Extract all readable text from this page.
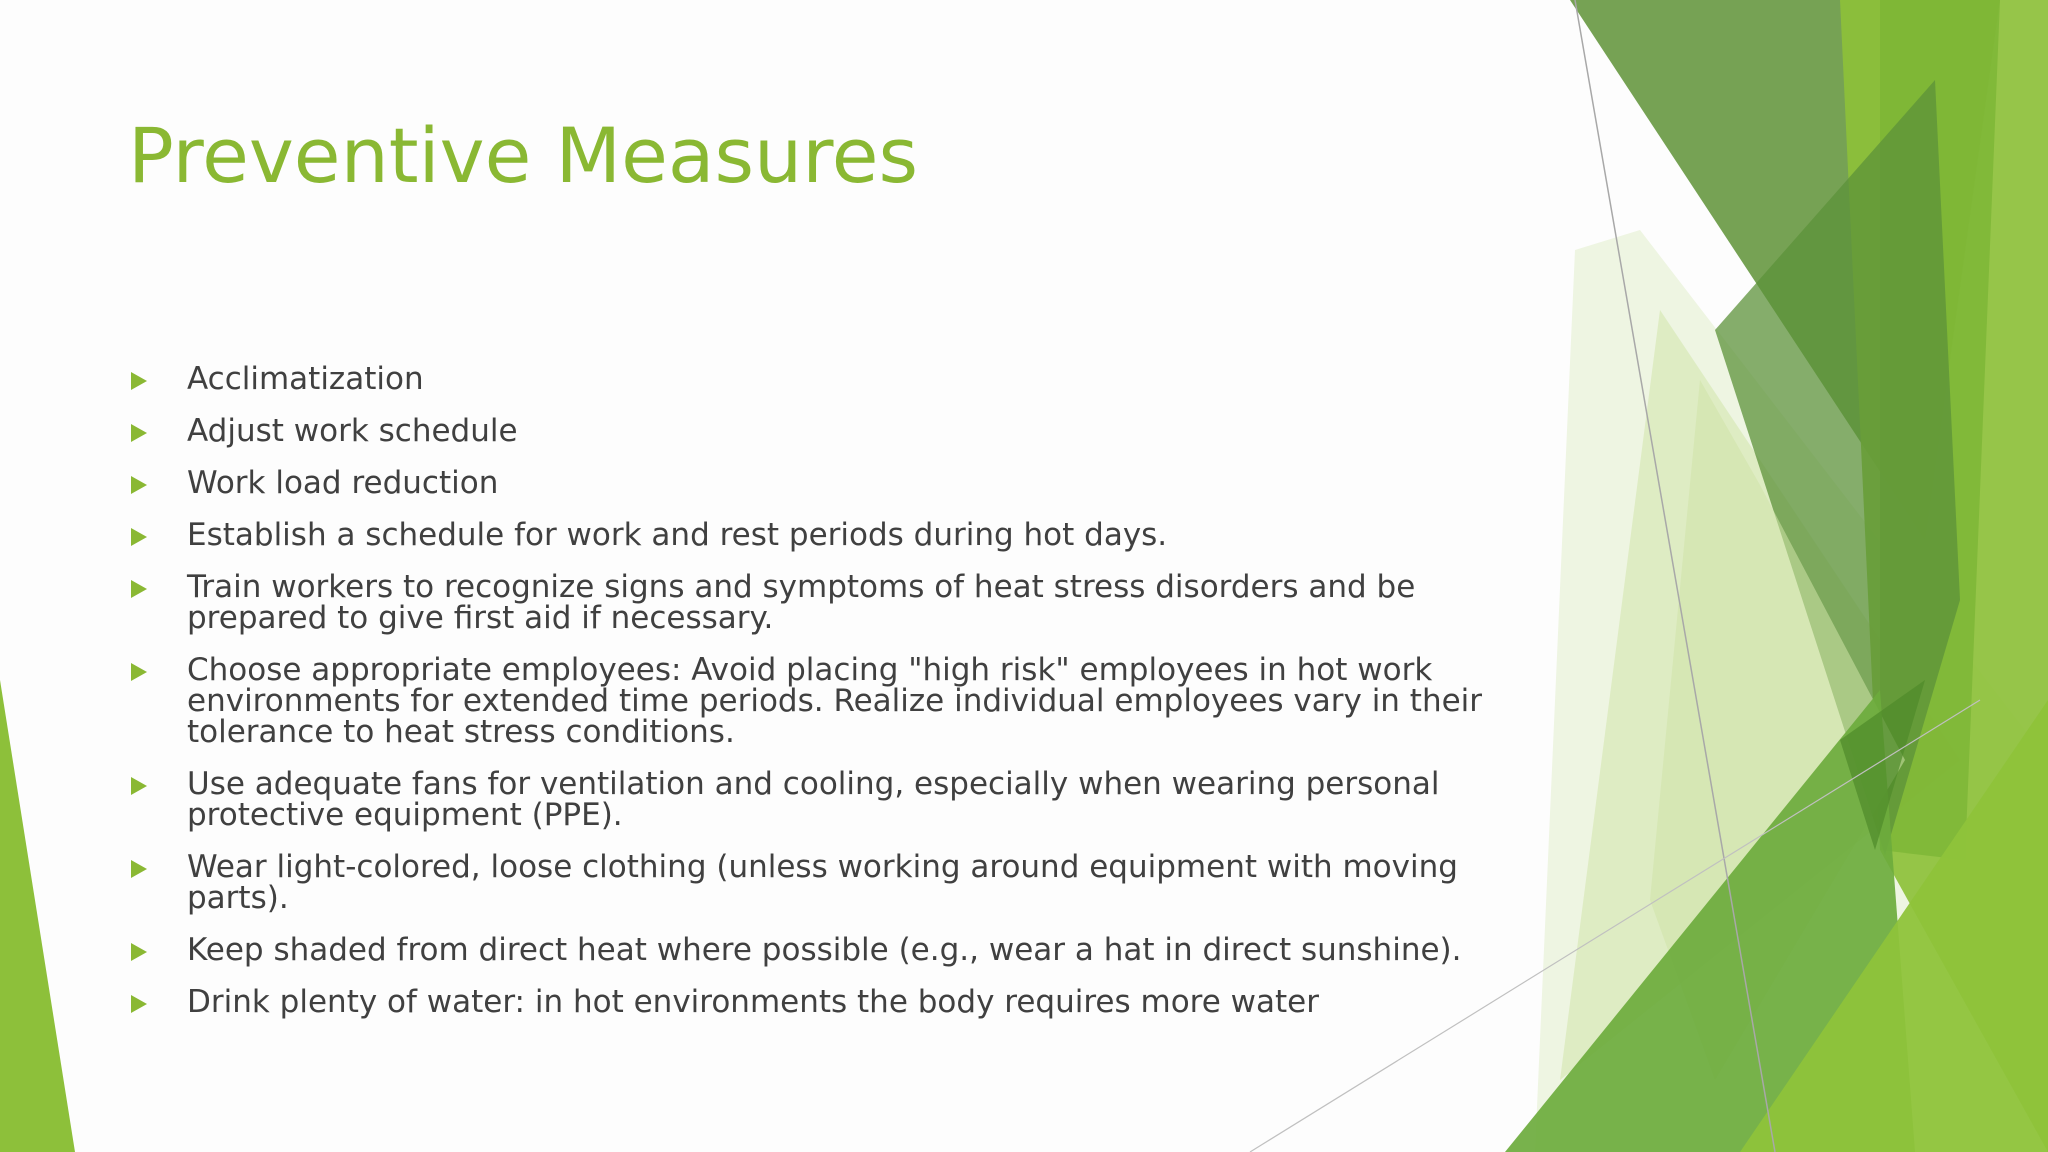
Preventive Measures
Acclimatization
Adjust work schedule
Work load reduction
Establish a schedule for work and rest periods during hot days.
Train workers to recognize signs and symptoms of heat stress disorders and be prepared to give first aid if necessary.
Choose appropriate employees: Avoid placing "high risk" employees in hot work environments for extended time periods. Realize individual employees vary in their tolerance to heat stress conditions.
Use adequate fans for ventilation and cooling, especially when wearing personal protective equipment (PPE).
Wear light-colored, loose clothing (unless working around equipment with moving parts).
Keep shaded from direct heat where possible (e.g., wear a hat in direct sunshine).
Drink plenty of water: in hot environments the body requires more water
